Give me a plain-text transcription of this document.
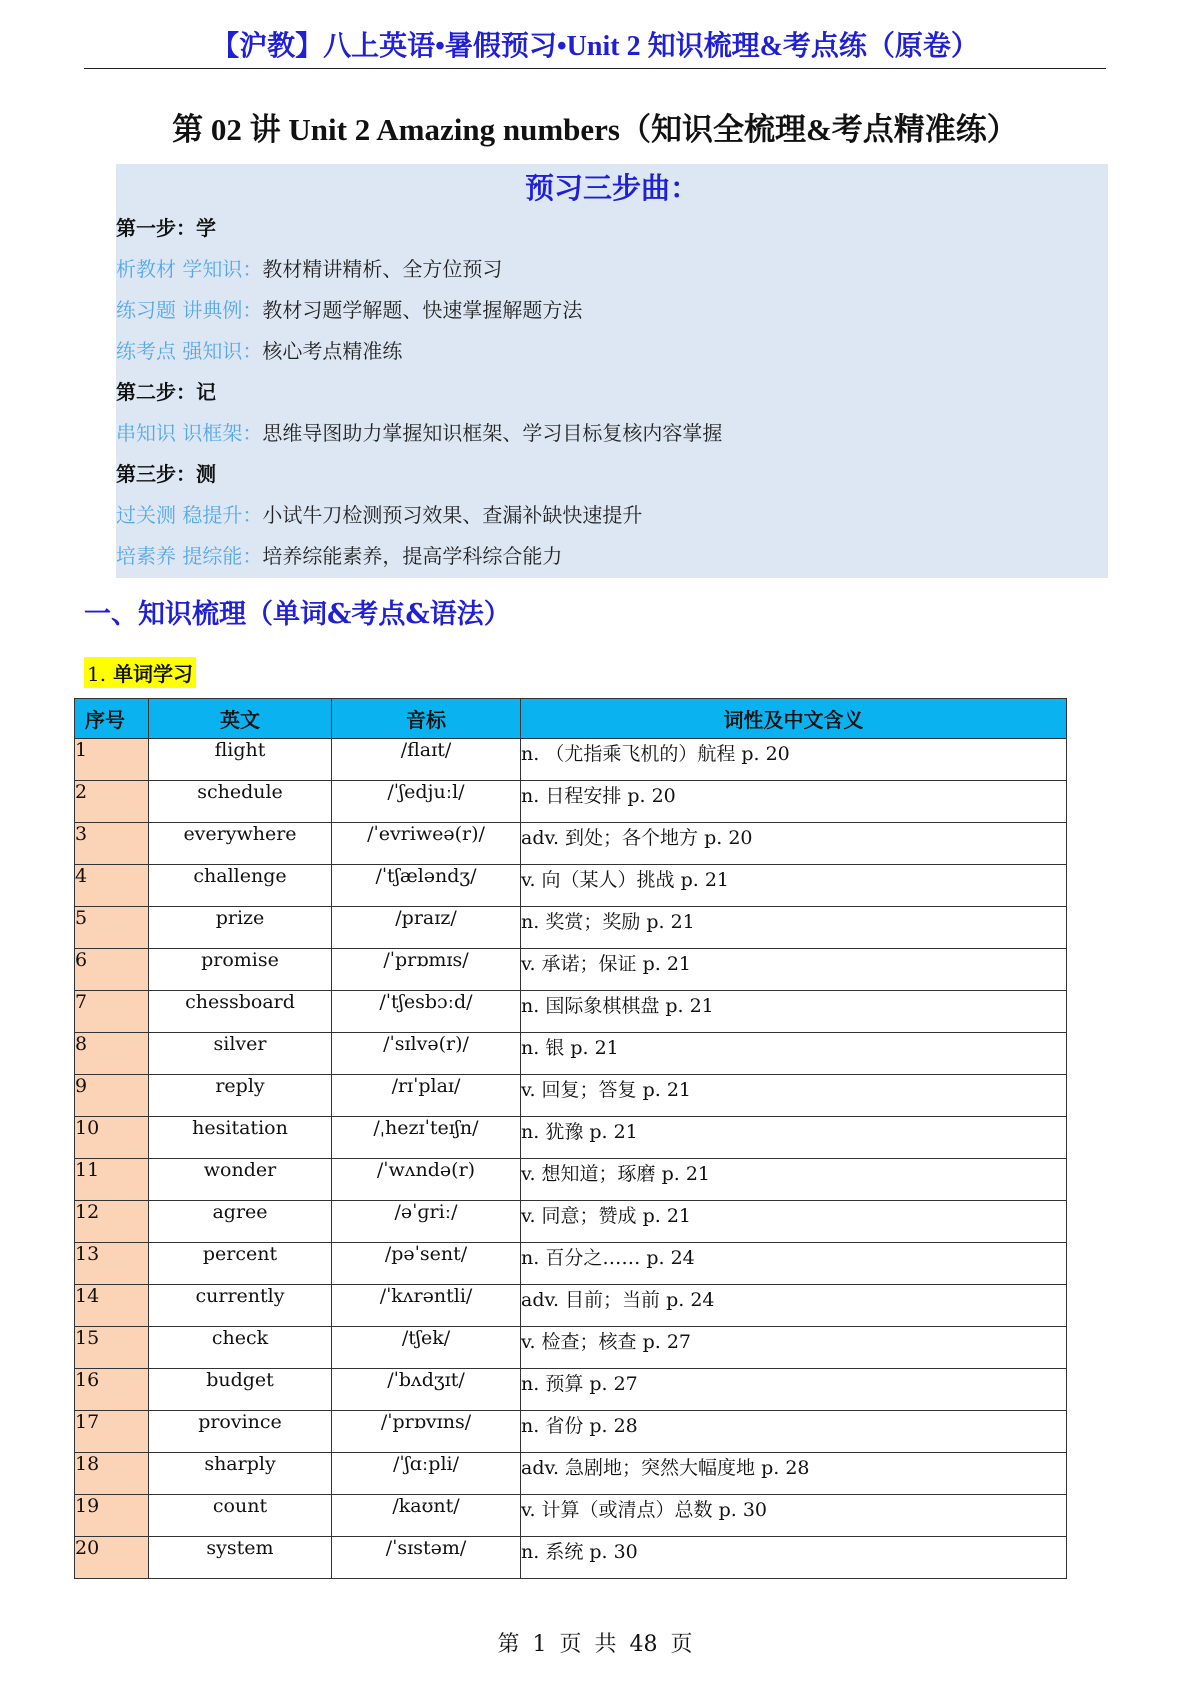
【沪教】八上英语•暑假预习•Unit 2 知识梳理&考点练（原卷）
第 02 讲 Unit 2 Amazing numbers（知识全梳理&考点精准练）
预习三步曲：
第一步：学
析教材 学知识：教材精讲精析、全方位预习
练习题 讲典例：教材习题学解题、快速掌握解题方法
练考点 强知识：核心考点精准练
第二步：记
串知识 识框架：思维导图助力掌握知识框架、学习目标复核内容掌握
第三步：测
过关测 稳提升：小试牛刀检测预习效果、查漏补缺快速提升
培素养 提综能：培养综能素养，提高学科综合能力
一、知识梳理（单词&考点&语法）
1. 单词学习
序号	英文	音标	词性及中文含义
1	flight	/flaɪt/	n. （尤指乘飞机的）航程 p. 20
2	schedule	/ˈʃedjuːl/	n. 日程安排 p. 20
3	everywhere	/ˈevriweə(r)/	adv. 到处；各个地方 p. 20
4	challenge	/ˈtʃæləndʒ/	v. 向（某人）挑战 p. 21
5	prize	/praɪz/	n. 奖赏；奖励 p. 21
6	promise	/ˈprɒmɪs/	v. 承诺；保证 p. 21
7	chessboard	/ˈtʃesbɔːd/	n. 国际象棋棋盘 p. 21
8	silver	/ˈsɪlvə(r)/	n. 银 p. 21
9	reply	/rɪˈplaɪ/	v. 回复；答复 p. 21
10	hesitation	/ˌhezɪˈteɪʃn/	n. 犹豫 p. 21
11	wonder	/ˈwʌndə(r)	v. 想知道；琢磨 p. 21
12	agree	/əˈɡriː/	v. 同意；赞成 p. 21
13	percent	/pəˈsent/	n. 百分之…… p. 24
14	currently	/ˈkʌrəntli/	adv. 目前；当前 p. 24
15	check	/tʃek/	v. 检查；核查 p. 27
16	budget	/ˈbʌdʒɪt/	n. 预算 p. 27
17	province	/ˈprɒvɪns/	n. 省份 p. 28
18	sharply	/ˈʃɑːpli/	adv. 急剧地；突然大幅度地 p. 28
19	count	/kaʊnt/	v. 计算（或清点）总数 p. 30
20	system	/ˈsɪstəm/	n. 系统 p. 30
第 1 页 共 48 页
